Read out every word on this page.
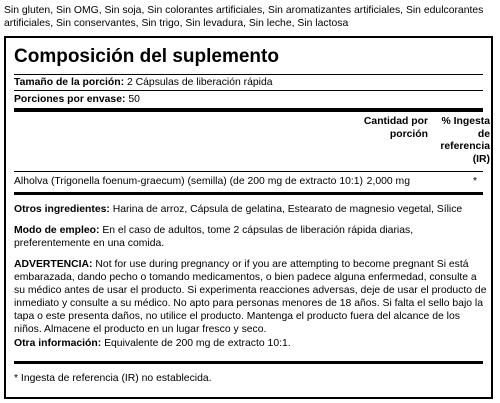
Sin gluten, Sin OMG, Sin soja, Sin colorantes artificiales, Sin aromatizantes artificiales, Sin edulcorantes artificiales, Sin conservantes, Sin trigo, Sin levadura, Sin leche, Sin lactosa
Composición del suplemento
Tamaño de la porción: 2 Cápsulas de liberación rápida
Porciones por envase: 50
Cantidad por porción
% Ingesta de referencia (IR)
Alholva (Trigonella foenum-graecum) (semilla) (de 200 mg de extracto 10:1) 2,000 mg	*
Otros ingredientes: Harina de arroz, Cápsula de gelatina, Estearato de magnesio vegetal, Sílice
Modo de empleo: En el caso de adultos, tome 2 cápsulas de liberación rápida diarias, preferentemente en una comida.
ADVERTENCIA: Not for use during pregnancy or if you are attempting to become pregnant Si está embarazada, dando pecho o tomando medicamentos, o bien padece alguna enfermedad, consulte a su médico antes de usar el producto. Si experimenta reacciones adversas, deje de usar el producto de inmediato y consulte a su médico. No apto para personas menores de 18 años. Si falta el sello bajo la tapa o este presenta daños, no utilice el producto. Mantenga el producto fuera del alcance de los niños. Almacene el producto en un lugar fresco y seco.
Otra información: Equivalente de 200 mg de extracto 10:1.
* Ingesta de referencia (IR) no establecida.
